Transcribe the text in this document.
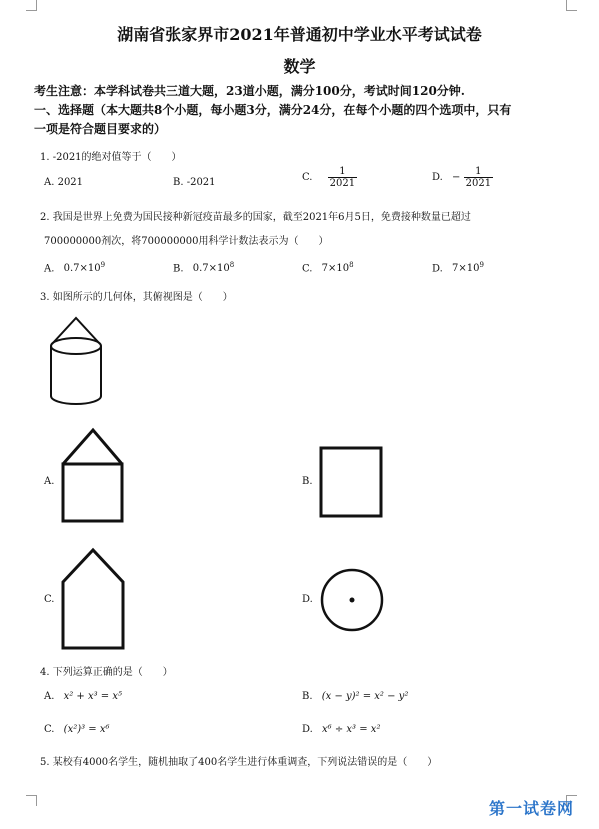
湖南省张家界市2021年普通初中学业水平考试试卷
数学
考生注意：本学科试卷共三道大题，23道小题，满分100分，考试时间120分钟.
一、选择题（本大题共8个小题，每小题3分，满分24分，在每个小题的四个选项中，只有
一项是符合题目要求的）
1. -2021的绝对值等于（　　）
A. 2021	B. -2021	C. $\frac{1}{2021}$	D. − $\frac{1}{2021}$
2. 我国是世界上免费为国民接种新冠疫苗最多的国家，截至2021年6月5日，免费接种数量已超过
700000000剂次，将700000000用科学计数法表示为（　　）
A. $0.7\times 10^9$	B. $0.7\times 10^8$	C. $7\times 10^8$	D. $7\times 10^9$
3. 如图所示的几何体，其俯视图是（　　）
A.	B.
C.	D.
4. 下列运算正确的是（　　）
A. x² + x³ = x⁵	B. (x − y)² = x² − y²
C. (x²)³ = x⁶	D. x⁶ ÷ x³ = x²
5. 某校有4000名学生，随机抽取了400名学生进行体重调查，下列说法错误的是（　　）
第一试卷网
